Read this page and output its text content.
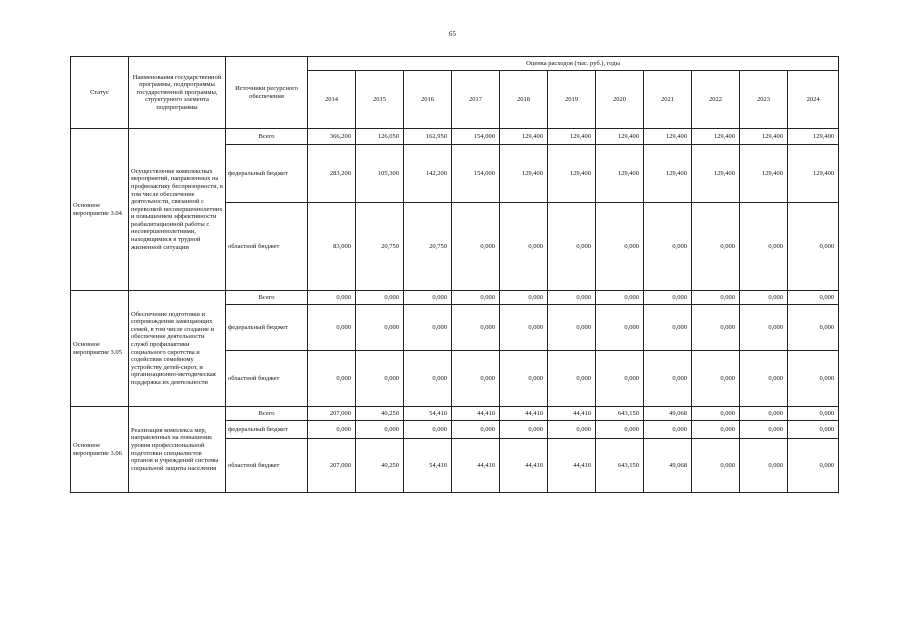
65
Статус	Наименования государственной программы, подпрограммы государственной программы, структурного элемента подпрограммы	Источники ресурсного обеспечения	Оценка расходов (тыс. руб.), годы										
			2014	2015	2016	2017	2018	2019	2020	2021	2022	2023	2024
Основное мероприятие 3.04	Осуществление комплексных мероприятий, направленных на профилактику беспризорности, в том числе обеспечение деятельности, связанной с перевозкой несовершеннолетних и повышением эффективности реабилитационной работы с несовершеннолетними, находящимися в трудной жизненной ситуации	Всего	366,200	126,050	162,950	154,000	129,400	129,400	129,400	129,400	129,400	129,400	129,400
		федеральный бюджет	283,200	105,300	142,200	154,000	129,400	129,400	129,400	129,400	129,400	129,400	129,400
		областной бюджет	83,000	20,750	20,750	0,000	0,000	0,000	0,000	0,000	0,000	0,000	0,000
Основное мероприятие 3.05	Обеспечение подготовки и сопровождения замещающих семей, в том числе создание и обеспечение деятельности служб профилактики социального сиротства и содействия семейному устройству детей-сирот, и организационно-методическая поддержка их деятельности	Всего	0,000	0,000	0,000	0,000	0,000	0,000	0,000	0,000	0,000	0,000	0,000
		федеральный бюджет	0,000	0,000	0,000	0,000	0,000	0,000	0,000	0,000	0,000	0,000	0,000
		областной бюджет	0,000	0,000	0,000	0,000	0,000	0,000	0,000	0,000	0,000	0,000	0,000
Основное мероприятие 3.06	Реализация комплекса мер, направленных на повышение уровня профессиональной подготовки специалистов органов и учреждений системы социальной защиты населения	Всего	207,000	40,250	54,410	44,410	44,410	44,410	643,150	49,068	0,000	0,000	0,000
		федеральный бюджет	0,000	0,000	0,000	0,000	0,000	0,000	0,000	0,000	0,000	0,000	0,000
		областной бюджет	207,000	40,250	54,410	44,410	44,410	44,410	643,150	49,068	0,000	0,000	0,000
